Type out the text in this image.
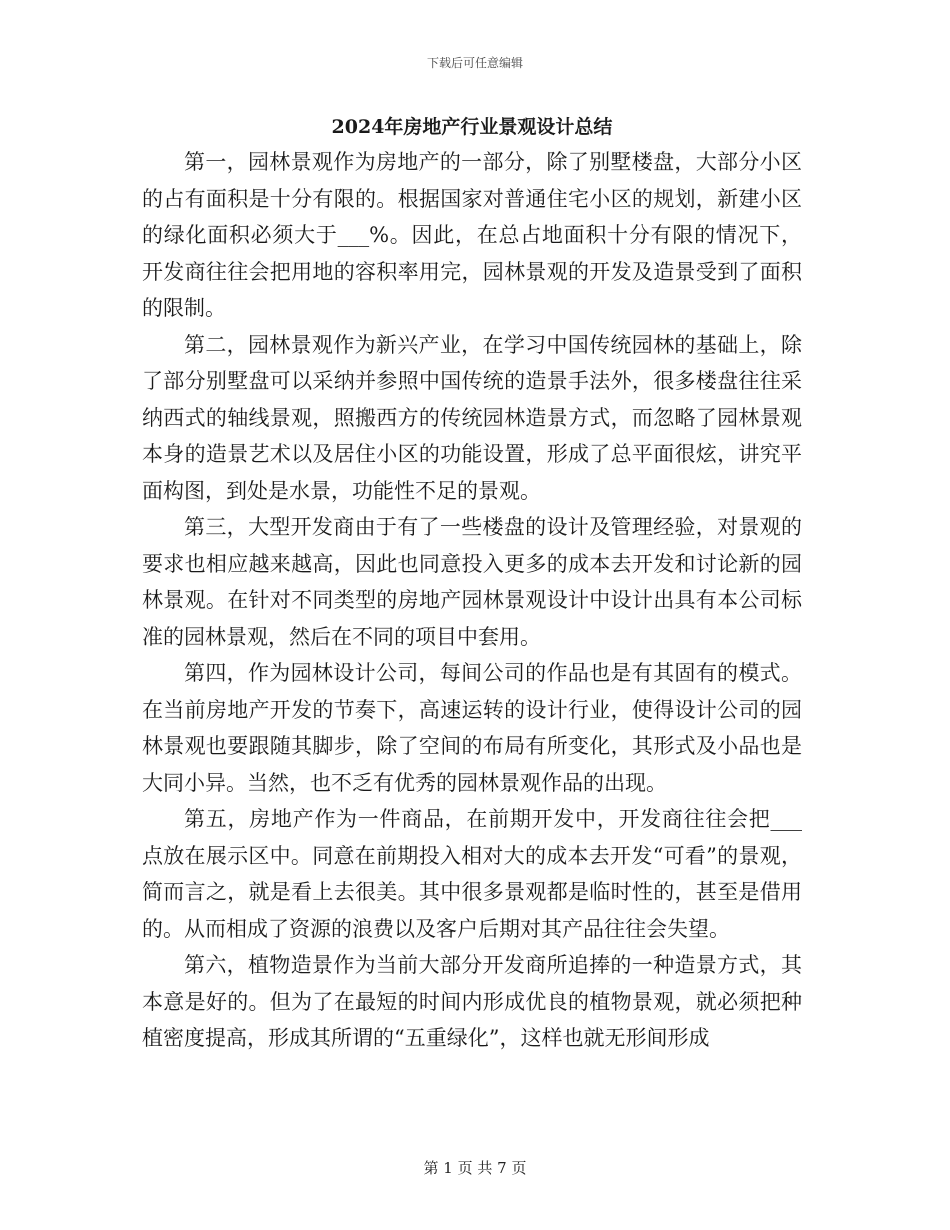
下载后可任意编辑
2024年房地产行业景观设计总结

第一，园林景观作为房地产的一部分，除了别墅楼盘，大部分小区的占有面积是十分有限的。根据国家对普通住宅小区的规划，新建小区的绿化面积必须大于___%。因此，在总占地面积十分有限的情况下，开发商往往会把用地的容积率用完，园林景观的开发及造景受到了面积的限制。

第二，园林景观作为新兴产业，在学习中国传统园林的基础上，除了部分别墅盘可以采纳并参照中国传统的造景手法外，很多楼盘往往采纳西式的轴线景观，照搬西方的传统园林造景方式，而忽略了园林景观本身的造景艺术以及居住小区的功能设置，形成了总平面很炫，讲究平面构图，到处是水景，功能性不足的景观。

第三，大型开发商由于有了一些楼盘的设计及管理经验，对景观的要求也相应越来越高，因此也同意投入更多的成本去开发和讨论新的园林景观。在针对不同类型的房地产园林景观设计中设计出具有本公司标准的园林景观，然后在不同的项目中套用。

第四，作为园林设计公司，每间公司的作品也是有其固有的模式。在当前房地产开发的节奏下，高速运转的设计行业，使得设计公司的园林景观也要跟随其脚步，除了空间的布局有所变化，其形式及小品也是大同小异。当然，也不乏有优秀的园林景观作品的出现。

第五，房地产作为一件商品，在前期开发中，开发商往往会把___点放在展示区中。同意在前期投入相对大的成本去开发“可看”的景观，简而言之，就是看上去很美。其中很多景观都是临时性的，甚至是借用的。从而相成了资源的浪费以及客户后期对其产品往往会失望。

第六，植物造景作为当前大部分开发商所追捧的一种造景方式，其本意是好的。但为了在最短的时间内形成优良的植物景观，就必须把种植密度提高，形成其所谓的“五重绿化”，这样也就无形间形成

第 1 页 共 7 页
